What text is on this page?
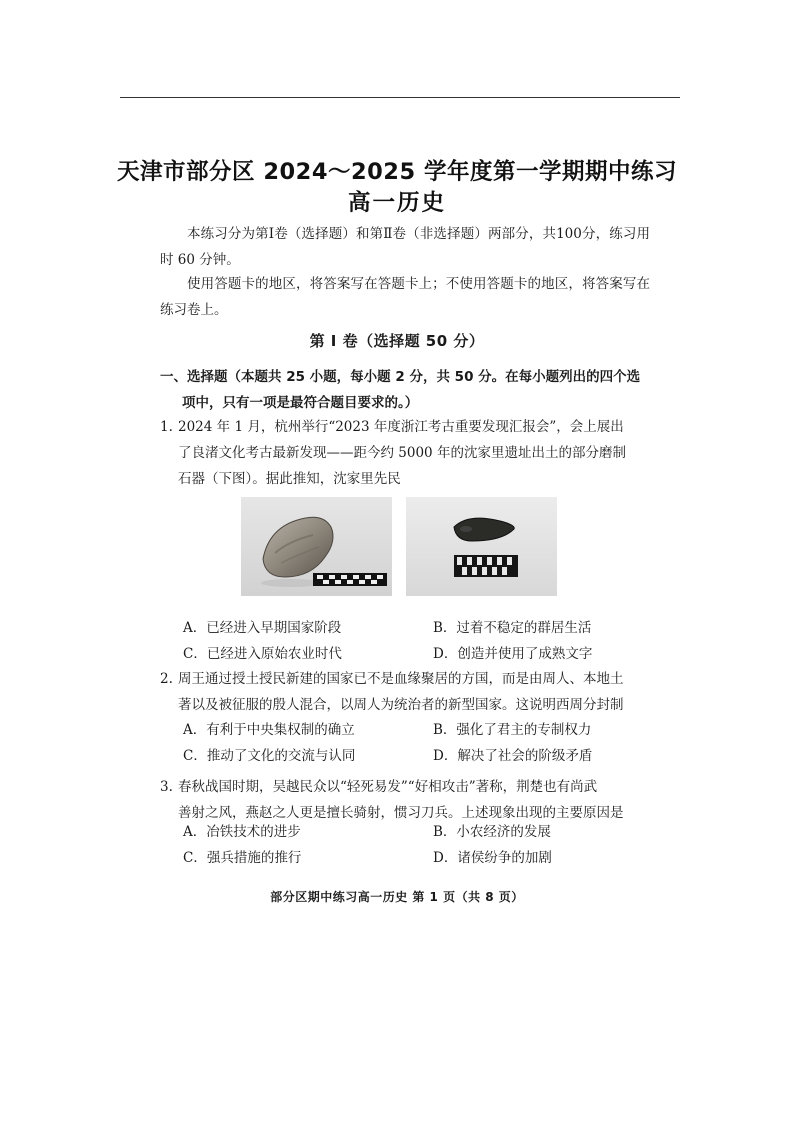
天津市部分区 2024～2025 学年度第一学期期中练习
高一历史

本练习分为第Ⅰ卷（选择题）和第Ⅱ卷（非选择题）两部分，共100分，练习用时 60 分钟。

使用答题卡的地区，将答案写在答题卡上；不使用答题卡的地区，将答案写在练习卷上。

第 Ⅰ 卷（选择题 50 分）
一、选择题（本题共 25 小题，每小题 2 分，共 50 分。在每小题列出的四个选
项中，只有一项是最符合题目要求的。）
1. 2024 年 1 月，杭州举行“2023 年度浙江考古重要发现汇报会”，会上展出
了良渚文化考古最新发现——距今约 5000 年的沈家里遗址出土的部分磨制
石器（下图）。据此推知，沈家里先民
A．已经进入早期国家阶段	B．过着不稳定的群居生活
C．已经进入原始农业时代	D．创造并使用了成熟文字
2. 周王通过授土授民新建的国家已不是血缘聚居的方国，而是由周人、本地土
著以及被征服的殷人混合，以周人为统治者的新型国家。这说明西周分封制
A．有利于中央集权制的确立	B．强化了君主的专制权力
C．推动了文化的交流与认同	D．解决了社会的阶级矛盾
3. 春秋战国时期，吴越民众以“轻死易发”“好相攻击”著称，荆楚也有尚武
善射之风，燕赵之人更是擅长骑射，惯习刀兵。上述现象出现的主要原因是
A．冶铁技术的进步	B．小农经济的发展
C．强兵措施的推行	D．诸侯纷争的加剧
部分区期中练习高一历史 第 1 页（共 8 页）
